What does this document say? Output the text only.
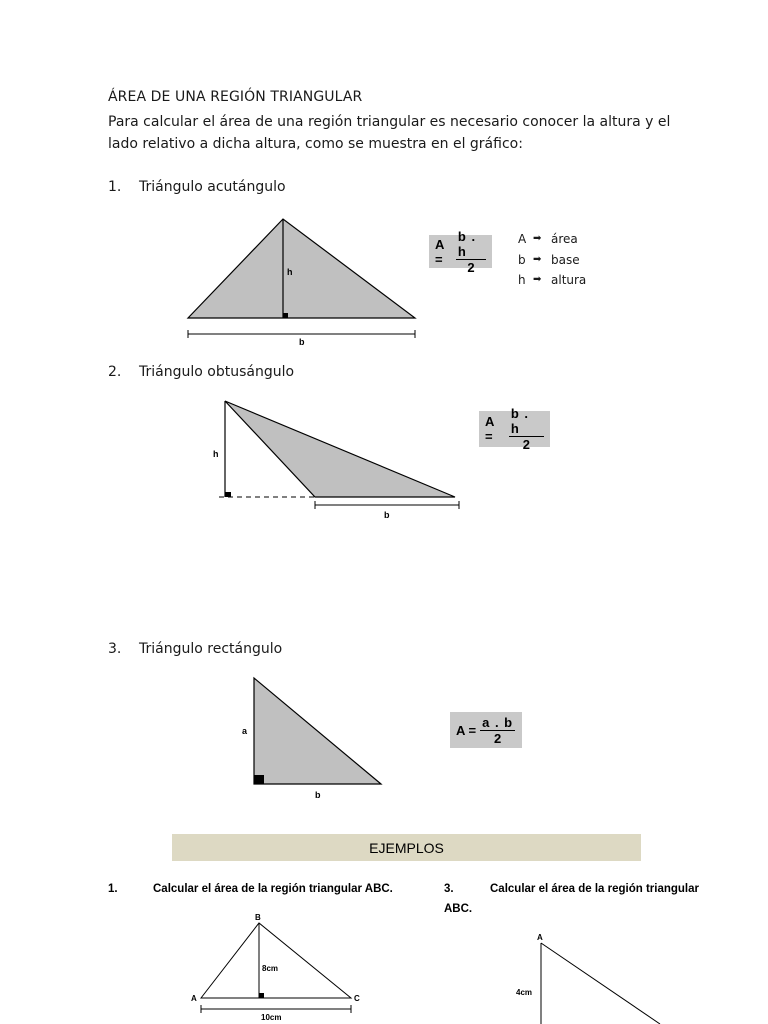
ÁREA DE UNA REGIÓN TRIANGULAR
Para calcular el área de una región triangular es necesario conocer la altura y el lado relativo a dicha altura, como se muestra en el gráfico:
1. Triángulo acutángulo
2. Triángulo obtusángulo
3. Triángulo rectángulo
h
b
h
b
a
b
B
A	C
8cm
10cm
A
4cm
A =	$\frac{b . h}{2}$
A =	$\frac{b . h}{2}$
$A = \frac{a . b}{2}$
A ➡ área
b ➡ base
h ➡ altura
EJEMPLOS
1.	Calcular el área de la región triangular ABC.	3.	Calcular el área de la región triangular
ABC.
